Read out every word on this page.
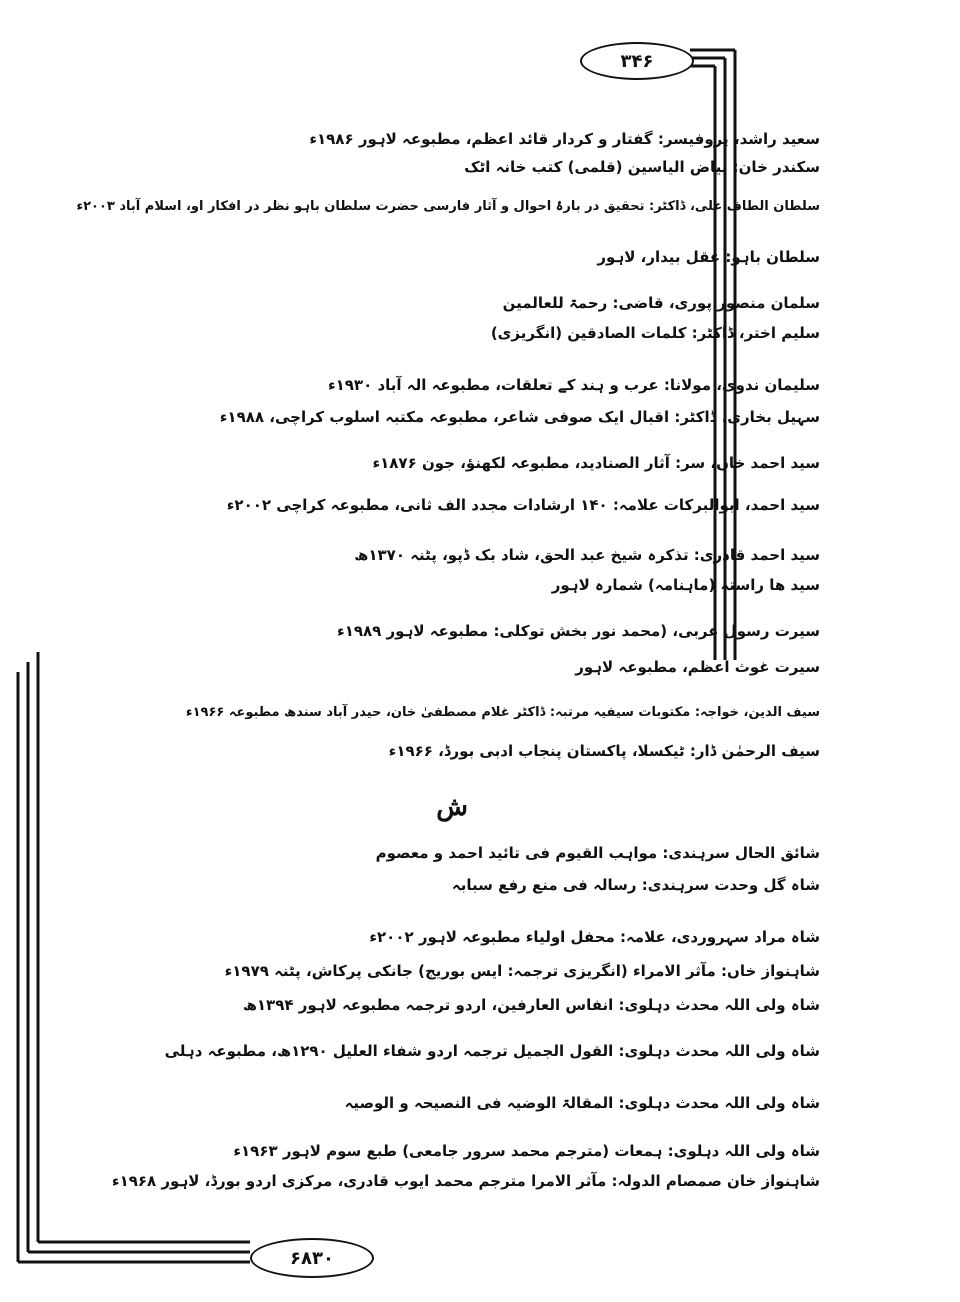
۳۴۶
سعید راشد، پروفیسر: گفتار و کردار قائد اعظم، مطبوعہ لاہور ۱۹۸۶ء
سکندر خان: بیاض الیاسین (قلمی) کتب خانہ اٹک
سلطان الطاف علی، ڈاکٹر: تحقیق در بارۂ احوال و آثار فارسی حضرت سلطان باہو نظر در افکار او، اسلام آباد ۲۰۰۳ء
سلطان باہو: عقل بیدار، لاہور
سلمان منصور پوری، قاضی: رحمۃ للعالمین
سلیم اختر، ڈاکٹر: کلمات الصادقین (انگریزی)
سلیمان ندوی، مولانا: عرب و ہند کے تعلقات، مطبوعہ الہ آباد ۱۹۳۰ء
سہیل بخاری، ڈاکٹر: اقبال ایک صوفی شاعر، مطبوعہ مکتبہ اسلوب کراچی، ۱۹۸۸ء
سید احمد خاں، سر: آثار الصنادید، مطبوعہ لکھنؤ، جون ۱۸۷۶ء
سید احمد، ابوالبرکات علامہ: ۱۴۰ ارشادات مجدد الف ثانی، مطبوعہ کراچی ۲۰۰۲ء
سید احمد قادری: تذکرہ شیخ عبد الحق، شاد بک ڈپو، پٹنہ ۱۳۷۰ھ
سید ھا راستہ (ماہنامہ) شمارہ لاہور
سیرت رسول عربی، (محمد نور بخش توکلی: مطبوعہ لاہور ۱۹۸۹ء
سیرت غوث اعظم، مطبوعہ لاہور
سیف الدین، خواجہ: مکتوبات سیفیہ مرتبہ: ڈاکٹر غلام مصطفیٰ خان، حیدر آباد سندھ مطبوعہ ۱۹۶۶ء
سیف الرحمٰن ڈار: ٹیکسلا، پاکستان پنجاب ادبی بورڈ، ۱۹۶۶ء
ش
شائق الحال سرہندی: مواہب القیوم فی تائید احمد و معصوم
شاہ گل وحدت سرہندی: رسالہ فی منع رفع سبابہ
شاہ مراد سہروردی، علامہ: محفل اولیاء مطبوعہ لاہور ۲۰۰۲ء
شاہنواز خاں: مآثر الامراء (انگریزی ترجمہ: ایس بوریج) جانکی پرکاش، پٹنہ ۱۹۷۹ء
شاہ ولی اللہ محدث دہلوی: انفاس العارفین، اردو ترجمہ مطبوعہ لاہور ۱۳۹۴ھ
شاہ ولی اللہ محدث دہلوی: القول الجمیل ترجمہ اردو شفاء العلیل ۱۲۹۰ھ، مطبوعہ دہلی
شاہ ولی اللہ محدث دہلوی: المقالۃ الوضیہ فی النصیحہ و الوصیہ
شاہ ولی اللہ دہلوی: ہمعات (مترجم محمد سرور جامعی) طبع سوم لاہور ۱۹۶۳ء
شاہنواز خان صمصام الدولہ: مآثر الامرا مترجم محمد ایوب قادری، مرکزی اردو بورڈ، لاہور ۱۹۶۸ء
۶۸۳۰
